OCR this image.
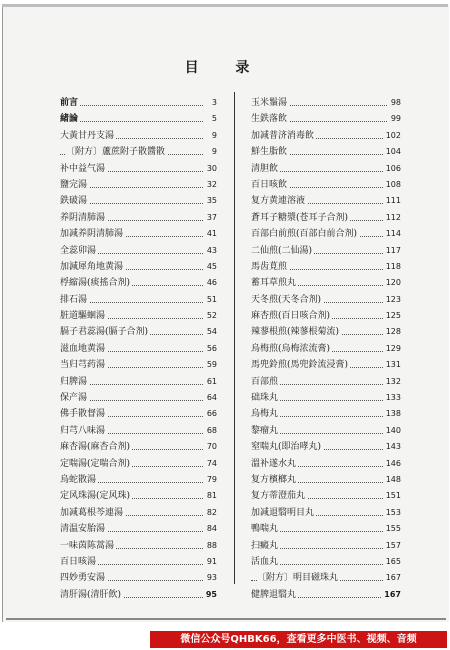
目 录
前言	3
緒論	5
大黃甘丹支湯	9
〔附方〕蘆蔗附子散醬散	9
补中益气湯	30
鹽完湯	32
鉄破湯	35
养阴清肺湯	37
加减养阴清肺湯	41
全蕊卯湯	43
加減犀角地黄湯	45
桴縮湯(痰搖合剂)	46
排石湯	51
脏道驅蛔湯	52
膈子君蕊湯(膈子合剂)	54
滋血地黄湯	56
当归芎药湯	59
归脾湯	61
保产湯	64
佛手散督湯	66
归芎八味湯	68
麻杏湯(麻杏合剂)	70
定喘湯(定喘合剂)	74
烏蛇散湯	79
定风珠湯(定风珠)	81
加减葛根芩連湯	82
清温安胎湯	84
一味茵陈蒿湯	88
百日咳湯	91
四妙勇安湯	93
清肝湯(清肝飲)	95
玉米鬚湯	98
生鉄落飲	99
加减普济消毒飲	102
鮮生脂飲	104
清胆飲	106
百日咳飲	108
复方黄連溶液	111
蒼耳子糖漿(苍耳子合剂)	112
百部白前煎(百部白前合剂)	114
二仙煎(二仙湯)	117
馬齿莧煎	118
蓄耳草煎丸	120
天冬煎(天冬合剂)	123
麻杏煎(百日咳合剂)	125
辣蓼根煎(辣蓼根菊流)	128
烏梅煎(烏梅浓流膏)	129
馬兜鈴煎(馬兜鈴流浸膏)	131
百部煎	132
础珠丸	133
烏梅丸	138
黎瘤丸	140
窒喘丸(即治哮丸)	143
溫补遂水丸	146
复方檳榔丸	148
复方蒂澄茄丸	151
加减退翳明目丸	153
鴨喘丸	155
扫癜丸	157
活血丸	165
〔附方〕明目磁珠丸	167
健脾退翳丸	167
微信公众号QHBK66，查看更多中医书、视频、音频
